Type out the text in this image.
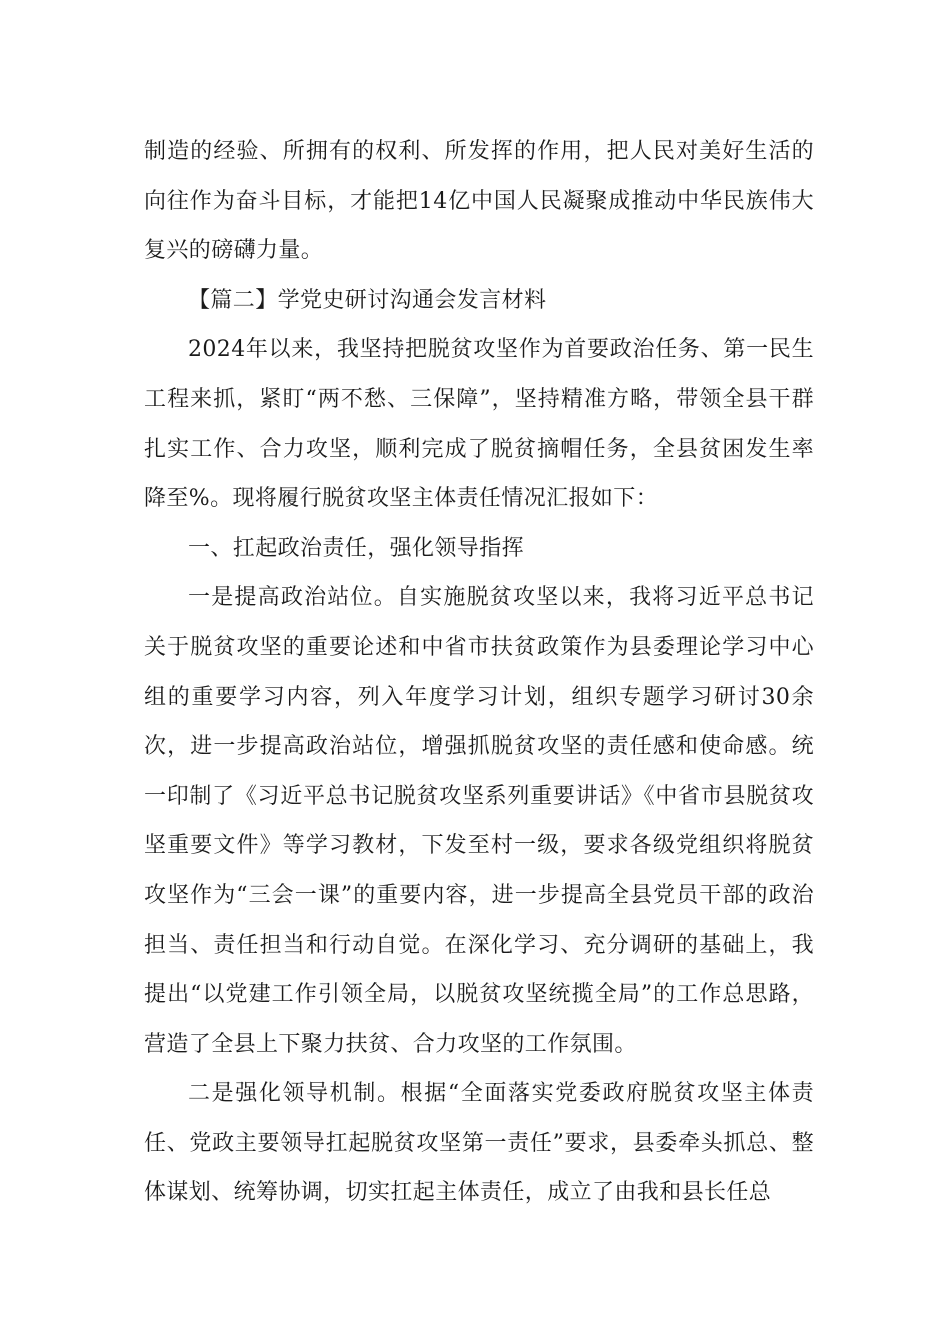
制造的经验、所拥有的权利、所发挥的作用，把人民对美好生活的向往作为奋斗目标，才能把14亿中国人民凝聚成推动中华民族伟大复兴的磅礴力量。

【篇二】学党史研讨沟通会发言材料

2024年以来，我坚持把脱贫攻坚作为首要政治任务、第一民生工程来抓，紧盯“两不愁、三保障”，坚持精准方略，带领全县干群扎实工作、合力攻坚，顺利完成了脱贫摘帽任务，全县贫困发生率降至%。现将履行脱贫攻坚主体责任情况汇报如下：

一、扛起政治责任，强化领导指挥

一是提高政治站位。自实施脱贫攻坚以来，我将习近平总书记关于脱贫攻坚的重要论述和中省市扶贫政策作为县委理论学习中心组的重要学习内容，列入年度学习计划，组织专题学习研讨30余次，进一步提高政治站位，增强抓脱贫攻坚的责任感和使命感。统一印制了《习近平总书记脱贫攻坚系列重要讲话》《中省市县脱贫攻坚重要文件》等学习教材，下发至村一级，要求各级党组织将脱贫攻坚作为“三会一课”的重要内容，进一步提高全县党员干部的政治担当、责任担当和行动自觉。在深化学习、充分调研的基础上，我提出“以党建工作引领全局，以脱贫攻坚统揽全局”的工作总思路，营造了全县上下聚力扶贫、合力攻坚的工作氛围。

二是强化领导机制。根据“全面落实党委政府脱贫攻坚主体责任、党政主要领导扛起脱贫攻坚第一责任”要求，县委牵头抓总、整体谋划、统筹协调，切实扛起主体责任，成立了由我和县长任总
